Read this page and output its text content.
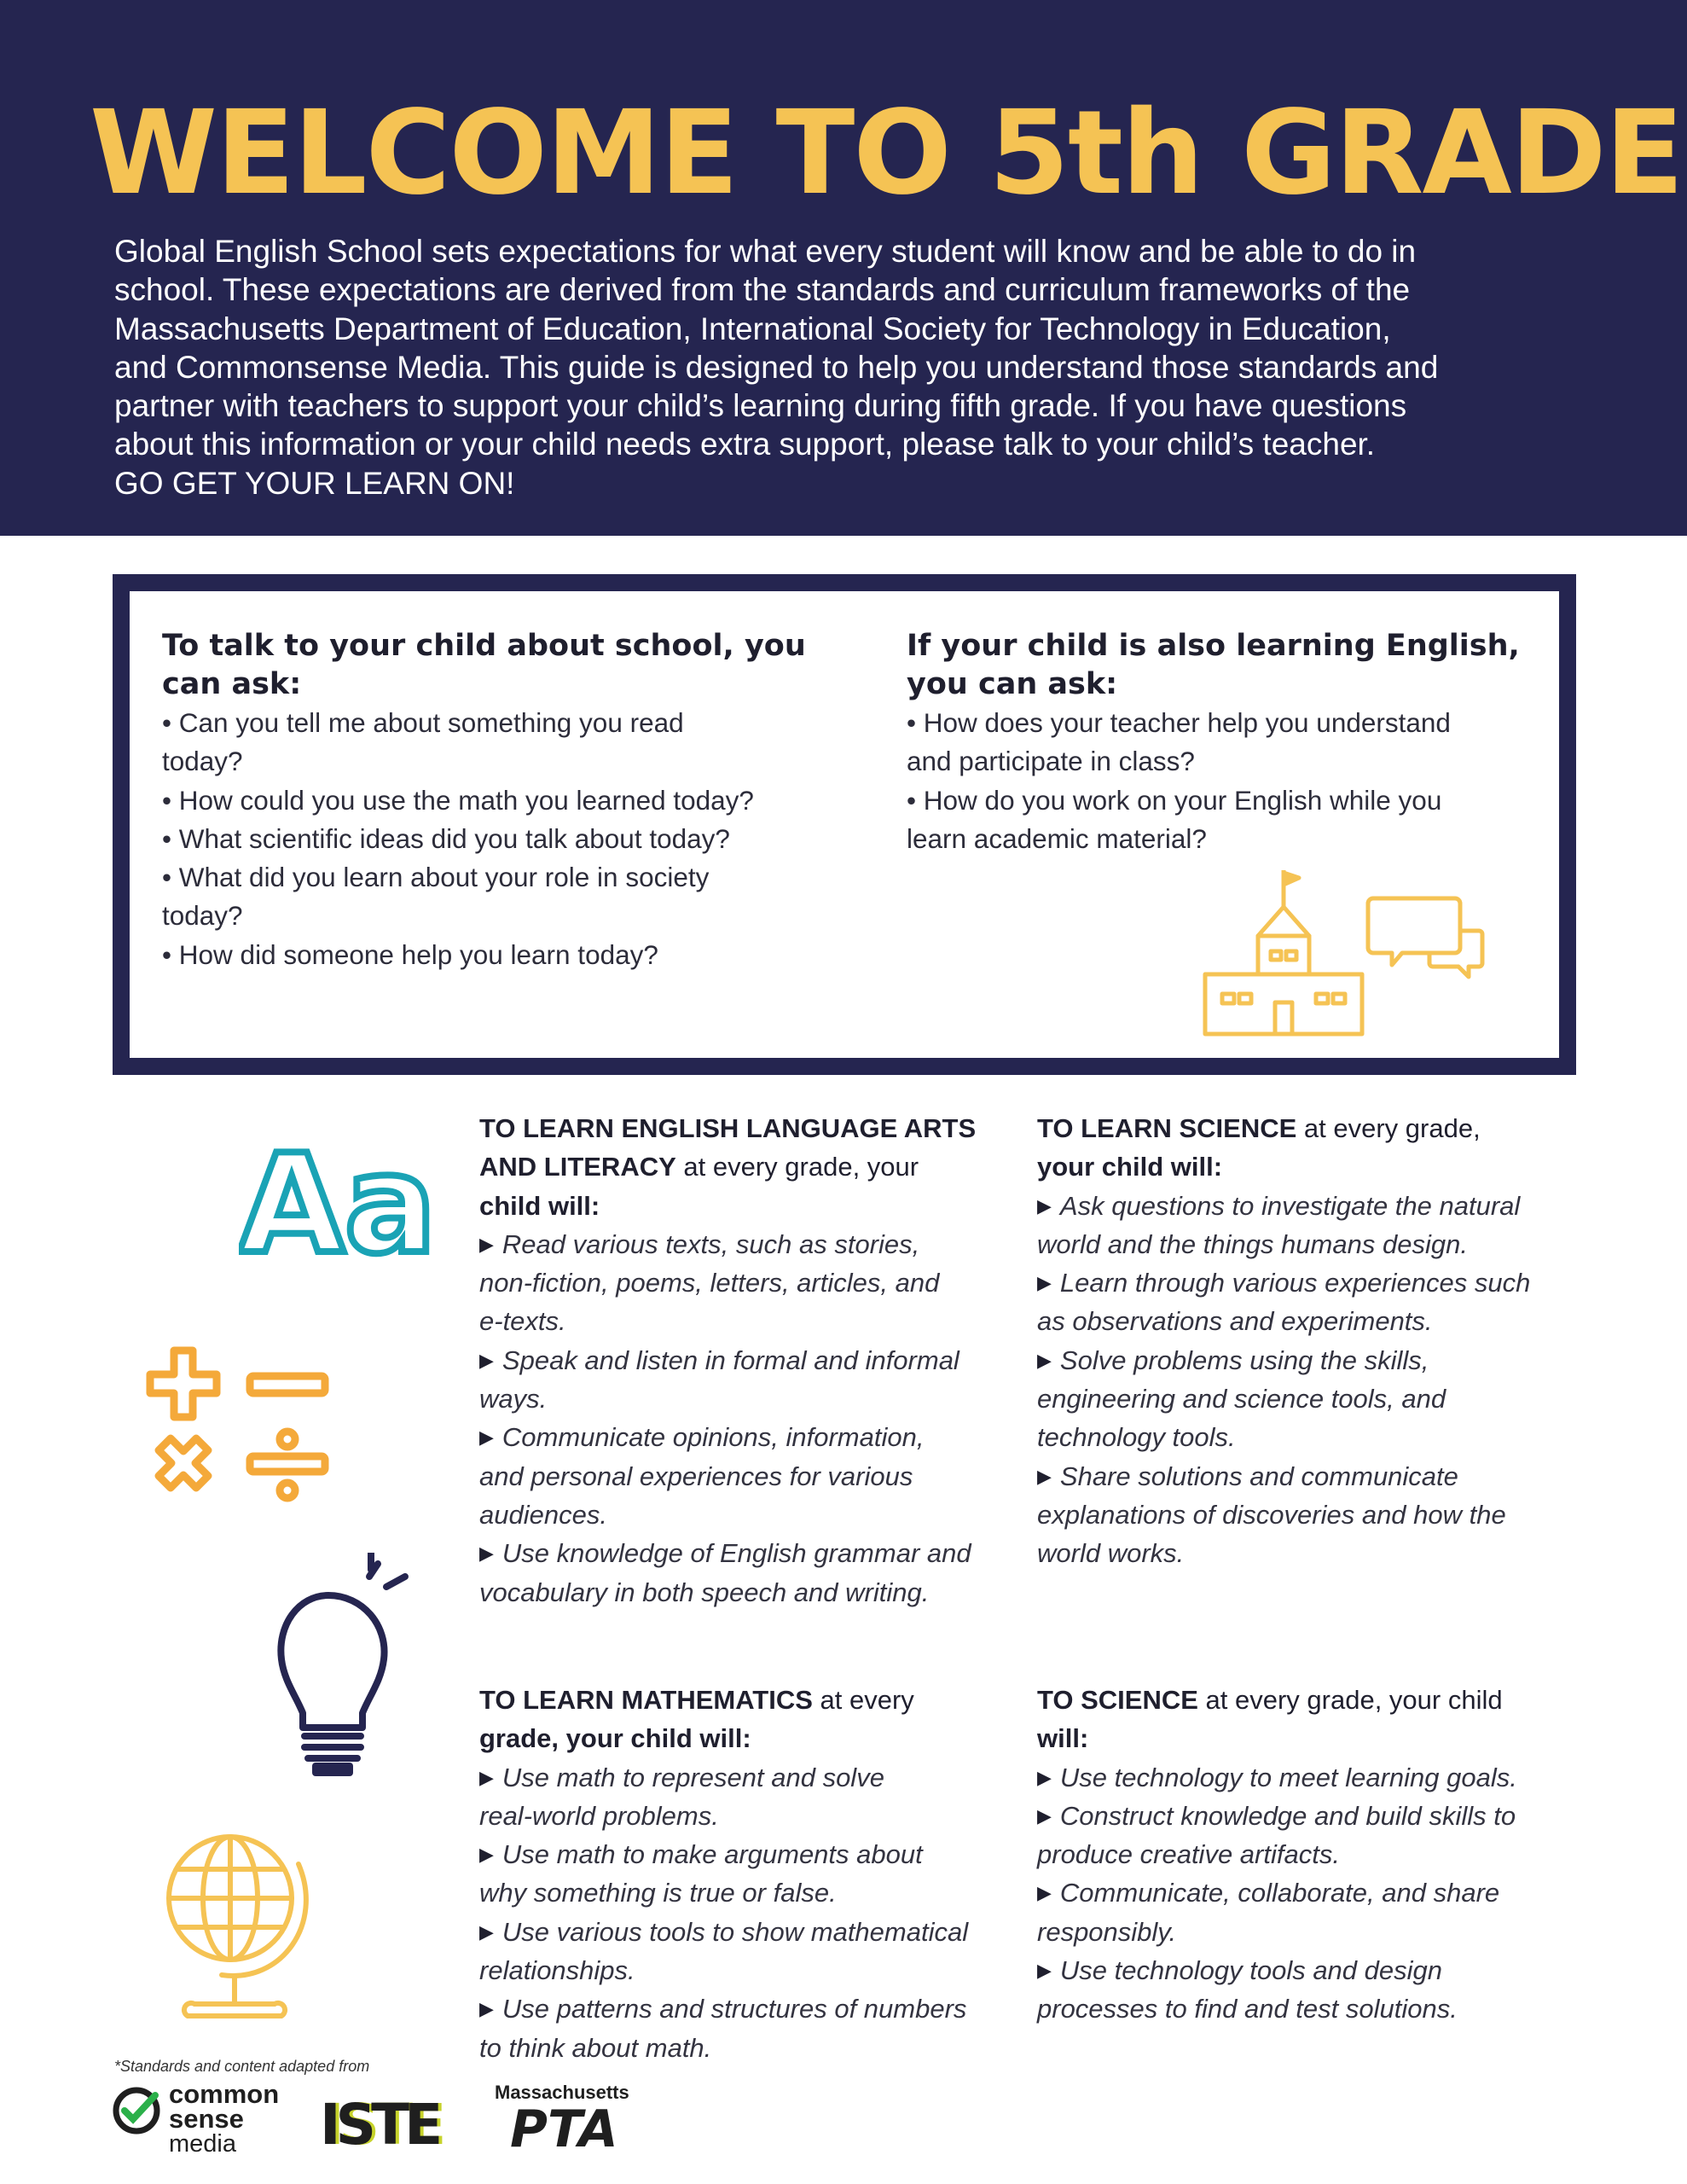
WELCOME TO 5th GRADE

Global English School sets expectations for what every student will know and be able to do in

school. These expectations are derived from the standards and curriculum frameworks of the

Massachusetts Department of Education, International Society for Technology in Education,

and Commonsense Media. This guide is designed to help you understand those standards and

partner with teachers to support your child’s learning during fifth grade. If you have questions

about this information or your child needs extra support, please talk to your child’s teacher.

GO GET YOUR LEARN ON!

To talk to your child about school, you

can ask:

• Can you tell me about something you read
today?
• How could you use the math you learned today?
• What scientific ideas did you talk about today?
• What did you learn about your role in society
today?
• How did someone help you learn today?

If your child is also learning English,

you can ask:

• How does your teacher help you understand
and participate in class?
• How do you work on your English while you
learn academic material?
Aa TO LEARN ENGLISH LANGUAGE ARTS

AND LITERACY at every grade, your

child will:

▶ Read various texts, such as stories,
non-fiction, poems, letters, articles, and
e-texts.
▶ Speak and listen in formal and informal
ways.
▶ Communicate opinions, information,
and personal experiences for various
audiences.
▶ Use knowledge of English grammar and
vocabulary in both speech and writing.

TO LEARN SCIENCE at every grade,

your child will:

▶ Ask questions to investigate the natural
world and the things humans design.
▶ Learn through various experiences such
as observations and experiments.
▶ Solve problems using the skills,
engineering and science tools, and
technology tools.
▶ Share solutions and communicate
explanations of discoveries and how the
world works.

TO LEARN MATHEMATICS at every

grade, your child will:

▶ Use math to represent and solve
real-world problems.
▶ Use math to make arguments about
why something is true or false.
▶ Use various tools to show mathematical
relationships.
▶ Use patterns and structures of numbers
to think about math.

TO SCIENCE at every grade, your child

will:

▶ Use technology to meet learning goals.
▶ Construct knowledge and build skills to
produce creative artifacts.
▶ Communicate, collaborate, and share
responsibly.
▶ Use technology tools and design
processes to find and test solutions.
*Standards and content adapted from
common
sense
media ISTE	Massachusetts
PTA
